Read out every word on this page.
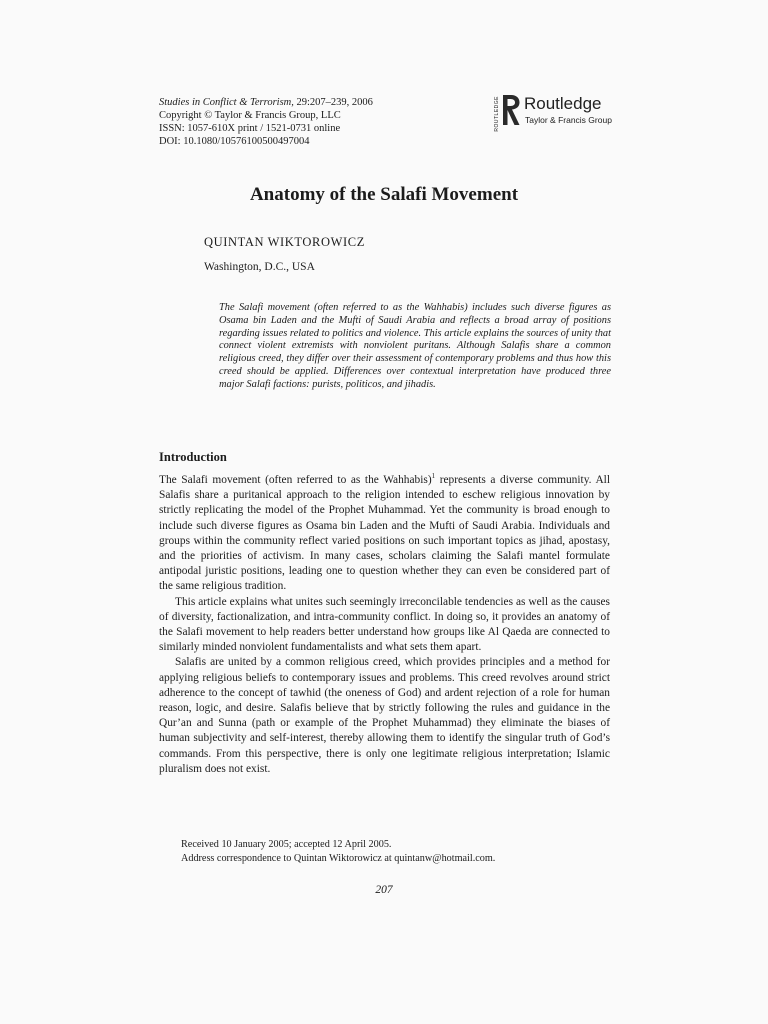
Studies in Conflict & Terrorism, 29:207–239, 2006
Copyright © Taylor & Francis Group, LLC
ISSN: 1057-610X print / 1521-0731 online
DOI: 10.1080/10576100500497004
ROUTLEDGE Routledge
Taylor & Francis Group
Anatomy of the Salafi Movement
QUINTAN WIKTOROWICZ
Washington, D.C., USA
The Salafi movement (often referred to as the Wahhabis) includes such diverse figures as Osama bin Laden and the Mufti of Saudi Arabia and reflects a broad array of positions regarding issues related to politics and violence. This article explains the sources of unity that connect violent extremists with nonviolent puritans. Although Salafis share a common religious creed, they differ over their assessment of contemporary problems and thus how this creed should be applied. Differences over contextual interpretation have produced three major Salafi factions: purists, politicos, and jihadis.
Introduction

The Salafi movement (often referred to as the Wahhabis)$^1$ represents a diverse community. All Salafis share a puritanical approach to the religion intended to eschew religious innovation by strictly replicating the model of the Prophet Muhammad. Yet the community is broad enough to include such diverse figures as Osama bin Laden and the Mufti of Saudi Arabia. Individuals and groups within the community reflect varied positions on such important topics as jihad, apostasy, and the priorities of activism. In many cases, scholars claiming the Salafi mantel formulate antipodal juristic positions, leading one to question whether they can even be considered part of the same religious tradition.

This article explains what unites such seemingly irreconcilable tendencies as well as the causes of diversity, factionalization, and intra-community conflict. In doing so, it provides an anatomy of the Salafi movement to help readers better understand how groups like Al Qaeda are connected to similarly minded nonviolent fundamentalists and what sets them apart.

Salafis are united by a common religious creed, which provides principles and a method for applying religious beliefs to contemporary issues and problems. This creed revolves around strict adherence to the concept of tawhid (the oneness of God) and ardent rejection of a role for human reason, logic, and desire. Salafis believe that by strictly following the rules and guidance in the Qur’an and Sunna (path or example of the Prophet Muhammad) they eliminate the biases of human subjectivity and self-interest, thereby allowing them to identify the singular truth of God’s commands. From this perspective, there is only one legitimate religious interpretation; Islamic pluralism does not exist.

Received 10 January 2005; accepted 12 April 2005.
Address correspondence to Quintan Wiktorowicz at quintanw@hotmail.com.
207
